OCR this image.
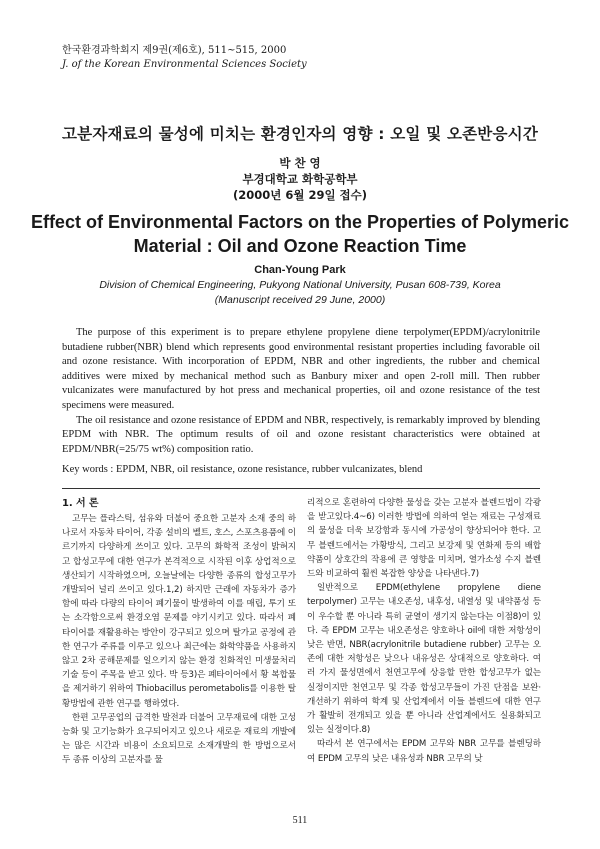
한국환경과학회지 제9권(제6호), 511~515, 2000
J. of the Korean Environmental Sciences Society
고분자재료의 물성에 미치는 환경인자의 영향 : 오일 및 오존반응시간
박 찬 영
부경대학교 화학공학부
(2000년 6월 29일 접수)
Effect of Environmental Factors on the Properties of Polymeric Material : Oil and Ozone Reaction Time
Chan-Young Park
Division of Chemical Engineering, Pukyong National University, Pusan 608-739, Korea
(Manuscript received 29 June, 2000)

The purpose of this experiment is to prepare ethylene propylene diene terpolymer(EPDM)/acrylonitrile butadiene rubber(NBR) blend which represents good environmental resistant properties including favorable oil and ozone resistance. With incorporation of EPDM, NBR and other ingredients, the rubber and chemical additives were mixed by mechanical method such as Banbury mixer and open 2-roll mill. Then rubber vulcanizates were manufactured by hot press and mechanical properties, oil and ozone resistance of the test specimens were measured.

The oil resistance and ozone resistance of EPDM and NBR, respectively, is remarkably improved by blending EPDM with NBR. The optimum results of oil and ozone resistant characteristics were obtained at EPDM/NBR(=25/75 wt%) composition ratio.

Key words : EPDM, NBR, oil resistance, ozone resistance, rubber vulcanizates, blend

1. 서 론

고무는 플라스틱, 섬유와 더불어 중요한 고분자 소재 중의 하나로서 자동차 타이어, 각종 설비의 벨트, 호스, 스포츠용품에 이르기까지 다양하게 쓰이고 있다. 고무의 화학적 조성이 밝혀지고 합성고무에 대한 연구가 본격적으로 시작된 이후 상업적으로 생산되기 시작하였으며, 오늘날에는 다양한 종류의 합성고무가 개발되어 널리 쓰이고 있다.1,2) 하지만 근래에 자동차가 증가함에 따라 다량의 타이어 폐기물이 발생하여 이를 매립, 투기 또는 소각함으로써 환경오염 문제를 야기시키고 있다. 따라서 폐타이어를 재활용하는 방안이 강구되고 있으며 탈가교 공정에 관한 연구가 주류를 이루고 있으나 최근에는 화학약품을 사용하지 않고 2차 공해문제를 일으키지 않는 환경 친화적인 미생물처리 기술 등이 주목을 받고 있다. 박 등3)은 폐타이어에서 황 복합물을 제거하기 위하여 Thiobacillus perometabolis를 이용한 탈황방법에 관한 연구를 행하였다.

한편 고무공업의 급격한 발전과 더불어 고무재료에 대한 고성능화 및 고기능화가 요구되어지고 있으나 새로운 재료의 개발에는 많은 시간과 비용이 소요되므로 소재개발의 한 방법으로서 두 종류 이상의 고분자를 물

리적으로 혼련하여 다양한 물성을 갖는 고분자 블렌드법이 각광을 받고있다.4~6) 이러한 방법에 의하여 얻는 재료는 구성재료의 물성을 더욱 보강함과 동시에 가공성이 향상되어야 한다. 고무 블렌드에서는 가황방식, 그리고 보강제 및 연화제 등의 배합약품이 상호간의 작용에 큰 영향을 미치며, 열가소성 수지 블렌드와 비교하여 훨씬 복잡한 양상을 나타낸다.7)

일반적으로 EPDM(ethylene propylene diene terpolymer) 고무는 내오존성, 내후성, 내열성 및 내약품성 등이 우수할 뿐 아니라 특히 균열이 생기지 않는다는 이점8)이 있다. 즉 EPDM 고무는 내오존성은 양호하나 oil에 대한 저항성이 낮은 반면, NBR(acrylonitrile butadiene rubber) 고무는 오존에 대한 저항성은 낮으나 내유성은 상대적으로 양호하다. 여러 가지 물성면에서 천연고무에 상응할 만한 합성고무가 없는 실정이지만 천연고무 및 각종 합성고무들이 가진 단점을 보완·개선하기 위하여 학계 및 산업계에서 이들 블렌드에 대한 연구가 활발히 전개되고 있을 뿐 아니라 산업계에서도 실용화되고 있는 실정이다.8)

따라서 본 연구에서는 EPDM 고무와 NBR 고무를 블렌딩하여 EPDM 고무의 낮은 내유성과 NBR 고무의 낮

511
